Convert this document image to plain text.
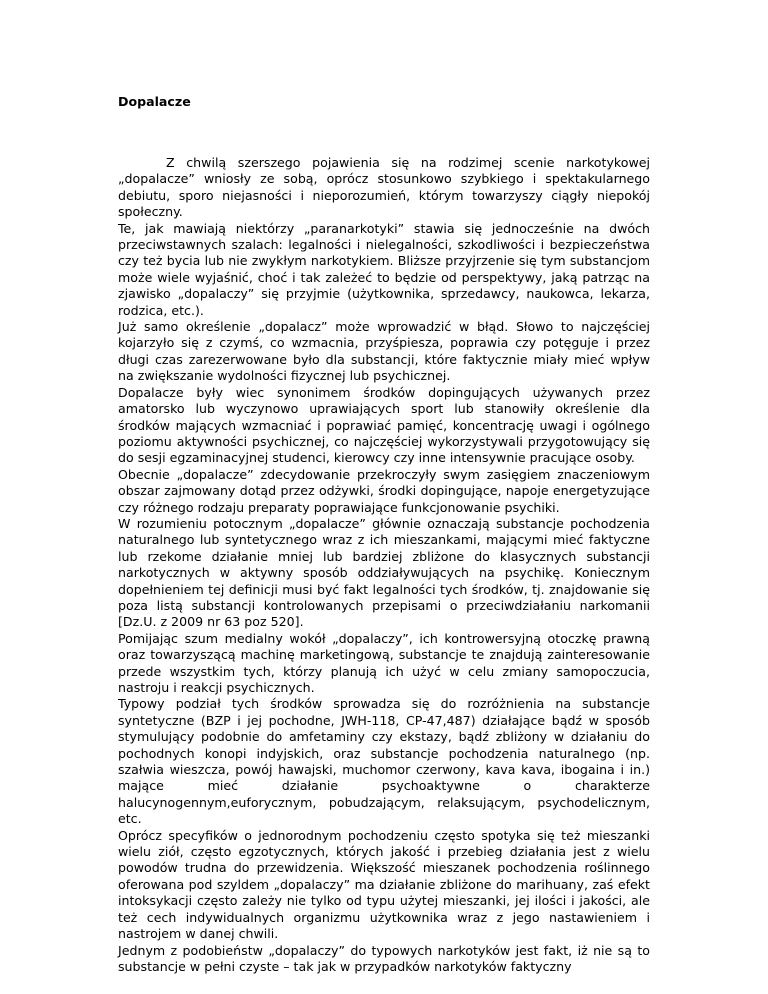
Dopalacze

Z chwilą szerszego pojawienia się na rodzimej scenie narkotykowej „dopalacze” wniosły ze sobą, oprócz stosunkowo szybkiego i spektakularnego debiutu, sporo niejasności i nieporozumień, którym towarzyszy ciągły niepokój społeczny.

Te, jak mawiają niektórzy „paranarkotyki” stawia się jednocześnie na dwóch przeciwstawnych szalach: legalności i nielegalności, szkodliwości i bezpieczeństwa czy też bycia lub nie zwykłym narkotykiem. Bliższe przyjrzenie się tym substancjom może wiele wyjaśnić, choć i tak zależeć to będzie od perspektywy, jaką patrząc na zjawisko „dopalaczy” się przyjmie (użytkownika, sprzedawcy, naukowca, lekarza, rodzica, etc.).

Już samo określenie „dopalacz” może wprowadzić w błąd. Słowo to najczęściej kojarzyło się z czymś, co wzmacnia, przyśpiesza, poprawia czy potęguje i przez długi czas zarezerwowane było dla substancji, które faktycznie miały mieć wpływ na zwiększanie wydolności fizycznej lub psychicznej.

Dopalacze były wiec synonimem środków dopingujących używanych przez amatorsko lub wyczynowo uprawiających sport lub stanowiły określenie dla środków mających wzmacniać i poprawiać pamięć, koncentrację uwagi i ogólnego poziomu aktywności psychicznej, co najczęściej wykorzystywali przygotowujący się do sesji egzaminacyjnej studenci, kierowcy czy inne intensywnie pracujące osoby.

Obecnie „dopalacze” zdecydowanie przekroczyły swym zasięgiem znaczeniowym obszar zajmowany dotąd przez odżywki, środki dopingujące, napoje energetyzujące czy różnego rodzaju preparaty poprawiające funkcjonowanie psychiki.

W rozumieniu potocznym „dopalacze” głównie oznaczają substancje pochodzenia naturalnego lub syntetycznego wraz z ich mieszankami, mającymi mieć faktyczne lub rzekome działanie mniej lub bardziej zbliżone do klasycznych substancji narkotycznych w aktywny sposób oddziaływujących na psychikę. Koniecznym dopełnieniem tej definicji musi być fakt legalności tych środków, tj. znajdowanie się poza listą substancji kontrolowanych przepisami o przeciwdziałaniu narkomanii [Dz.U. z 2009 nr 63 poz 520].

Pomijając szum medialny wokół „dopalaczy”, ich kontrowersyjną otoczkę prawną oraz towarzyszącą machinę marketingową, substancje te znajdują zainteresowanie przede wszystkim tych, którzy planują ich użyć w celu zmiany samopoczucia, nastroju i reakcji psychicznych.

Typowy podział tych środków sprowadza się do rozróżnienia na substancje syntetyczne (BZP i jej pochodne, JWH-118, CP-47,487) działające bądź w sposób stymulujący podobnie do amfetaminy czy ekstazy, bądź zbliżony w działaniu do pochodnych konopi indyjskich, oraz substancje pochodzenia naturalnego (np. szałwia wieszcza, powój hawajski, muchomor czerwony, kava kava, ibogaina i in.) mające mieć działanie psychoaktywne o charakterze halucynogennym,euforycznym, pobudzającym, relaksującym, psychodelicznym, etc.

Oprócz specyfików o jednorodnym pochodzeniu często spotyka się też mieszanki wielu ziół, często egzotycznych, których jakość i przebieg działania jest z wielu powodów trudna do przewidzenia. Większość mieszanek pochodzenia roślinnego oferowana pod szyldem „dopalaczy” ma działanie zbliżone do marihuany, zaś efekt intoksykacji często zależy nie tylko od typu użytej mieszanki, jej ilości i jakości, ale też cech indywidualnych organizmu użytkownika wraz z jego nastawieniem i nastrojem w danej chwili.

Jednym z podobieństw „dopalaczy” do typowych narkotyków jest fakt, iż nie są to substancje w pełni czyste – tak jak w przypadków narkotyków faktyczny
